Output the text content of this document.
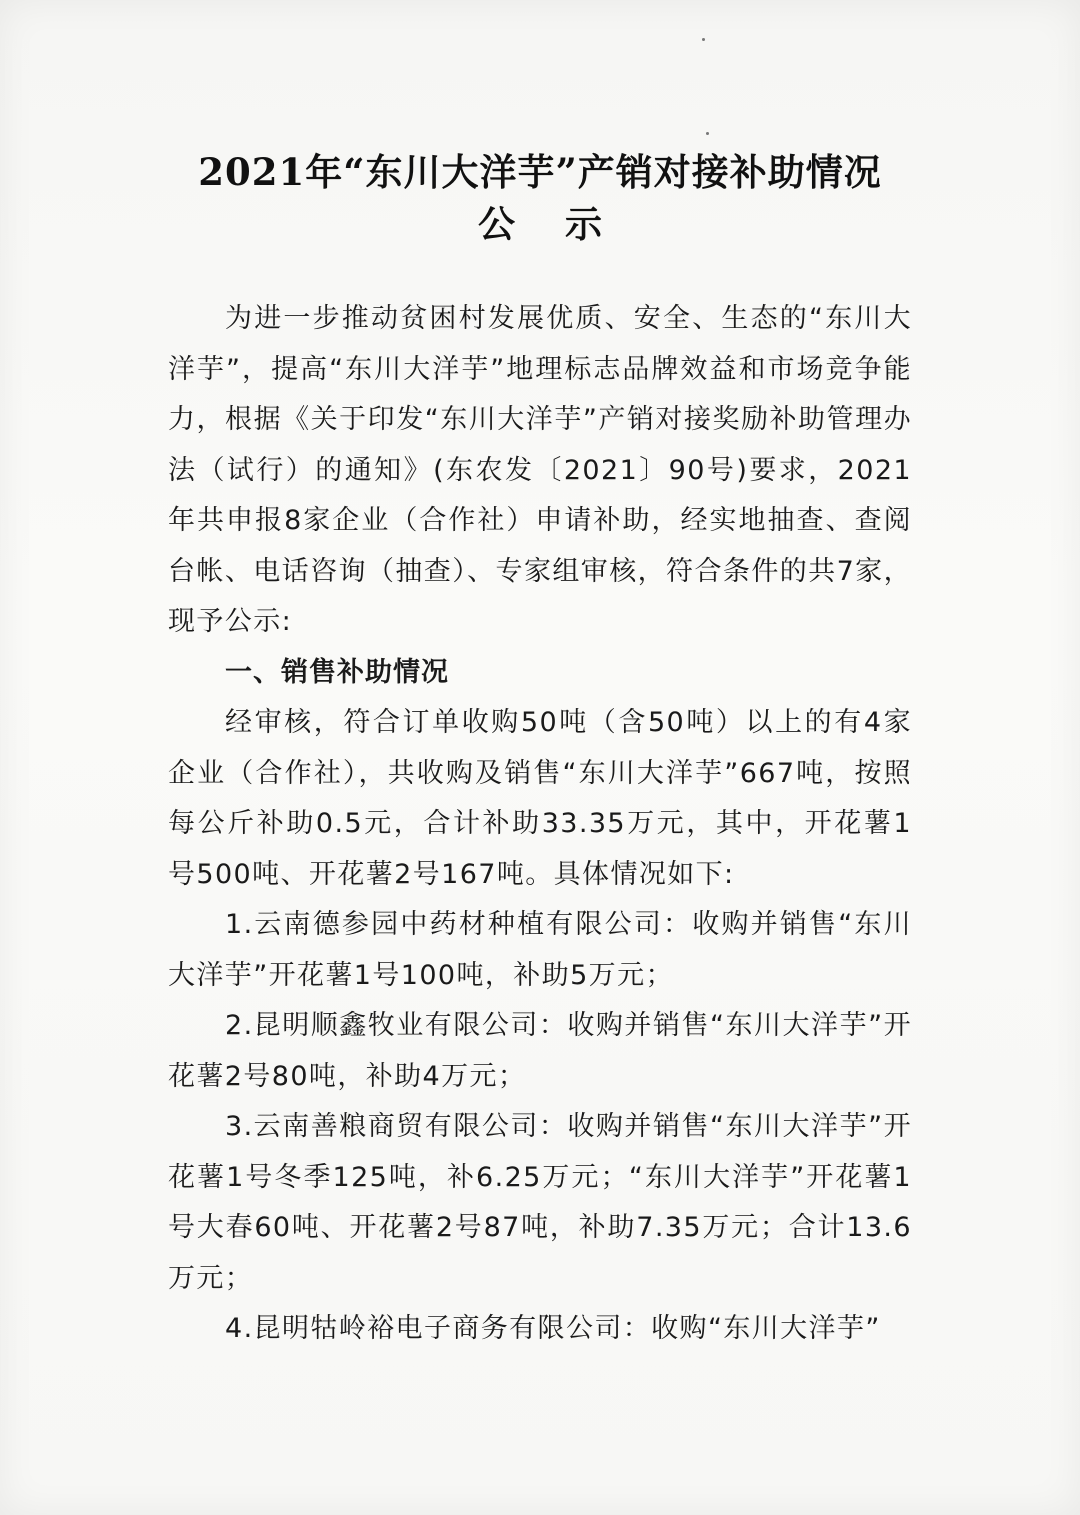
2021年“东川大洋芋”产销对接补助情况
公示

为进一步推动贫困村发展优质、安全、生态的“东川大洋芋”，提高“东川大洋芋”地理标志品牌效益和市场竞争能力，根据《关于印发“东川大洋芋”产销对接奖励补助管理办法（试行）的通知》(东农发〔2021〕90号)要求，2021年共申报8家企业（合作社）申请补助，经实地抽查、查阅台帐、电话咨询（抽查）、专家组审核，符合条件的共7家，现予公示:

一、销售补助情况

经审核，符合订单收购50吨（含50吨）以上的有4家企业（合作社），共收购及销售“东川大洋芋”667吨，按照每公斤补助0.5元，合计补助33.35万元，其中，开花薯1号500吨、开花薯2号167吨。具体情况如下:

1.云南德参园中药材种植有限公司：收购并销售“东川大洋芋”开花薯1号100吨，补助5万元；

2.昆明顺鑫牧业有限公司：收购并销售“东川大洋芋”开花薯2号80吨，补助4万元；

3.云南善粮商贸有限公司：收购并销售“东川大洋芋”开花薯1号冬季125吨，补6.25万元；“东川大洋芋”开花薯1号大春60吨、开花薯2号87吨，补助7.35万元；合计13.6万元；

4.昆明牯岭裕电子商务有限公司：收购“东川大洋芋”
